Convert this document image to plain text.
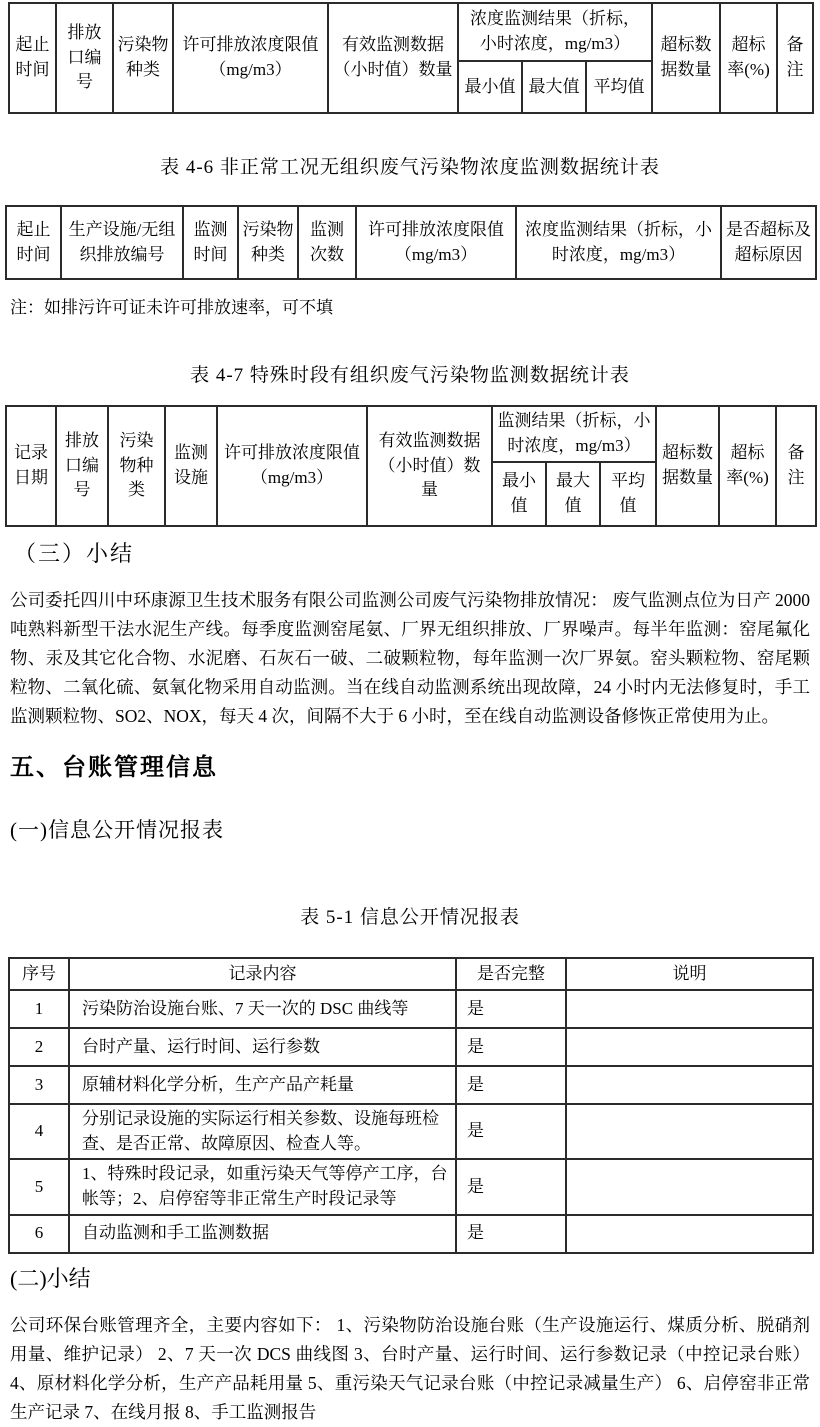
起止时间	排放口编号	污染物种类	许可排放浓度限值（mg/m3）	有效监测数据（小时值）数量	浓度监测结果（折标，小时浓度，mg/m3）			超标数据数量	超标率(%)	备注
					最小值	最大值	平均值			
表 4-6 非正常工况无组织废气污染物浓度监测数据统计表
起止时间	生产设施/无组织排放编号	监测时间	污染物种类	监测次数	许可排放浓度限值（mg/m3）	浓度监测结果（折标，小时浓度，mg/m3）	是否超标及超标原因
注：如排污许可证未许可排放速率，可不填
表 4-7 特殊时段有组织废气污染物监测数据统计表
记录日期	排放口编号	污染物种类	监测设施	许可排放浓度限值（mg/m3）	有效监测数据（小时值）数量	监测结果（折标，小时浓度，mg/m3）			超标数据数量	超标率(%)	备注
						最小值	最大值	平均值			
（三）小结
公司委托四川中环康源卫生技术服务有限公司监测公司废气污染物排放情况： 废气监测点位为日产 2000 吨熟料新型干法水泥生产线。每季度监测窑尾氨、厂界无组织排放、厂界噪声。每半年监测：窑尾氟化物、汞及其它化合物、水泥磨、石灰石一破、二破颗粒物，每年监测一次厂界氨。窑头颗粒物、窑尾颗粒物、二氧化硫、氨氧化物采用自动监测。当在线自动监测系统出现故障，24 小时内无法修复时，手工监测颗粒物、SO2、NOX，每天 4 次，间隔不大于 6 小时，至在线自动监测设备修恢正常使用为止。
五、台账管理信息
(一)信息公开情况报表
表 5-1 信息公开情况报表
序号	记录内容	是否完整	说明
1	污染防治设施台账、7 天一次的 DSC 曲线等	是	
2	台时产量、运行时间、运行参数	是	
3	原辅材料化学分析，生产产品产耗量	是	
4	分别记录设施的实际运行相关参数、设施每班检查、是否正常、故障原因、检查人等。	是	
5	1、特殊时段记录，如重污染天气等停产工序，台帐等；2、启停窑等非正常生产时段记录等	是	
6	自动监测和手工监测数据	是	
(二)小结
公司环保台账管理齐全，主要内容如下： 1、污染物防治设施台账（生产设施运行、煤质分析、脱硝剂用量、维护记录） 2、7 天一次 DCS 曲线图 3、台时产量、运行时间、运行参数记录（中控记录台账） 4、原材料化学分析，生产产品耗用量 5、重污染天气记录台账（中控记录减量生产） 6、启停窑非正常生产记录 7、在线月报 8、手工监测报告
